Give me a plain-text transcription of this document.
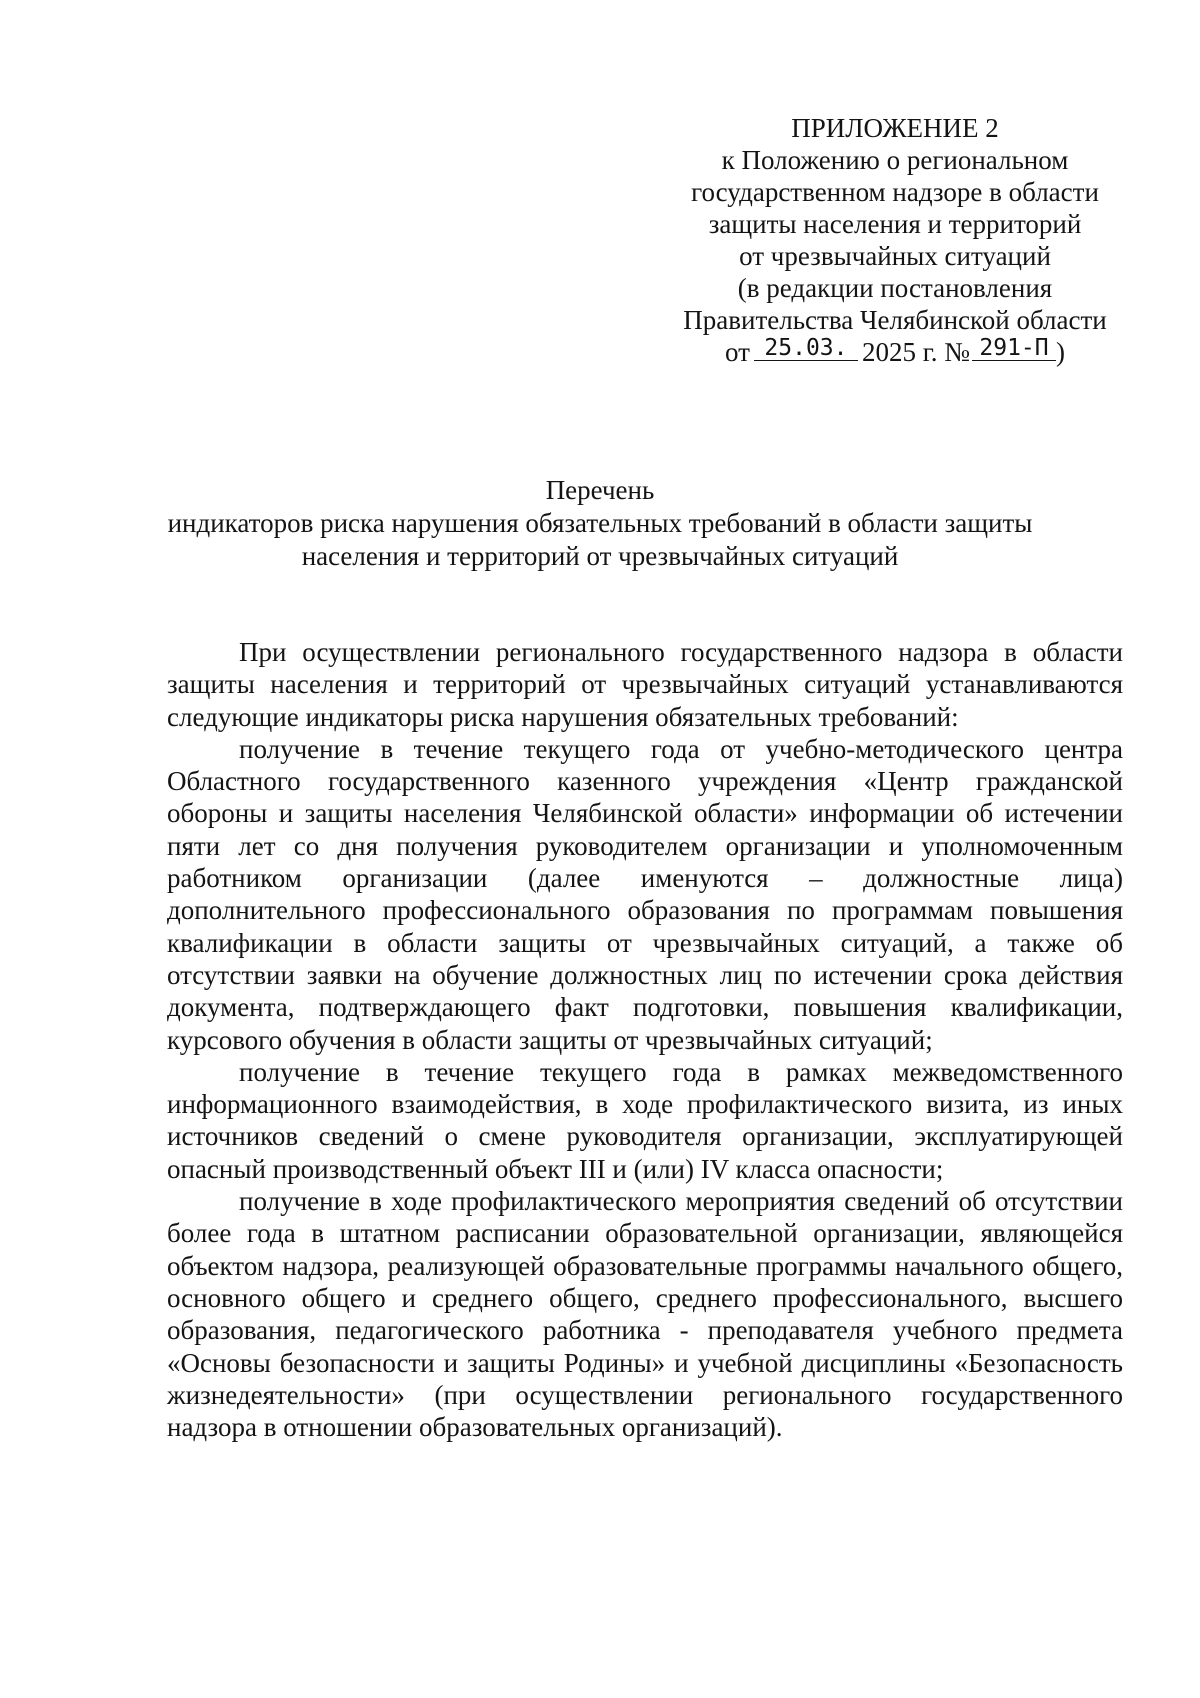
ПРИЛОЖЕНИЕ 2
к Положению о региональном
государственном надзоре в области
защиты населения и территорий
от чрезвычайных ситуаций
(в редакции постановления
Правительства Челябинской области
от 25.03. 2025 г. № 291-П )
Перечень
индикаторов риска нарушения обязательных требований в области защиты
населения и территорий от чрезвычайных ситуаций

При осуществлении регионального государственного надзора в области защиты населения и территорий от чрезвычайных ситуаций устанавливаются следующие индикаторы риска нарушения обязательных требований:

получение в течение текущего года от учебно-методического центра Областного государственного казенного учреждения «Центр гражданской обороны и защиты населения Челябинской области» информации об истечении пяти лет со дня получения руководителем организации и уполномоченным работником организации (далее именуются – должностные лица) дополнительного профессионального образования по программам повышения квалификации в области защиты от чрезвычайных ситуаций, а также об отсутствии заявки на обучение должностных лиц по истечении срока действия документа, подтверждающего факт подготовки, повышения квалификации, курсового обучения в области защиты от чрезвычайных ситуаций;

получение в течение текущего года в рамках межведомственного информационного взаимодействия, в ходе профилактического визита, из иных источников сведений о смене руководителя организации, эксплуатирующей опасный производственный объект III и (или) IV класса опасности;

получение в ходе профилактического мероприятия сведений об отсутствии более года в штатном расписании образовательной организации, являющейся объектом надзора, реализующей образовательные программы начального общего, основного общего и среднего общего, среднего профессионального, высшего образования, педагогического работника - преподавателя учебного предмета «Основы безопасности и защиты Родины» и учебной дисциплины «Безопасность жизнедеятельности» (при осуществлении регионального государственного надзора в отношении образовательных организаций).
